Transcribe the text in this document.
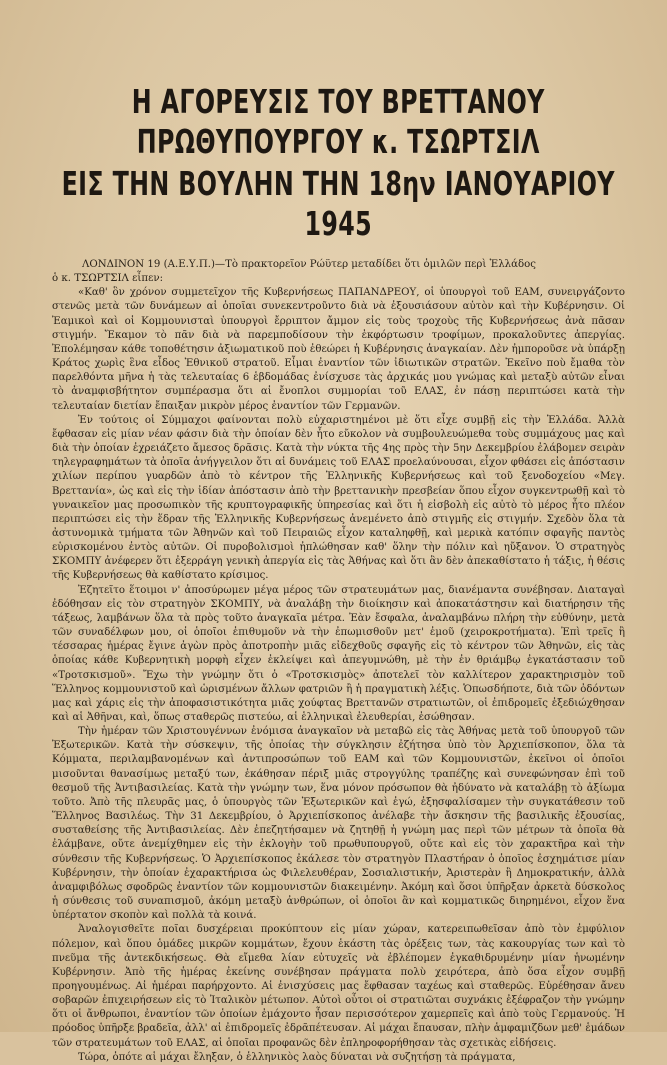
Η ΑΓΟΡΕΥΣΙΣ ΤΟΥ ΒΡΕΤΤΑΝΟΥ ΠΡΩΘΥΠΟΥΡΓΟΥ κ. ΤΣΩΡΤΣΙΛ
ΕΙΣ ΤΗΝ ΒΟΥΛΗΝ ΤΗΝ 18ην ΙΑΝΟΥΑΡΙΟΥ 1945

ΛΟΝΔΙΝΟΝ 19 (Α.Ε.Υ.Π.)—Τὸ πρακτορεῖον Ρώϋτερ μεταδίδει ὅτι ὁμιλῶν περὶ Ἑλλάδος

ὁ κ. ΤΣΩΡΤΣΙΛ εἶπεν:

«Καθ' ὃν χρόνον συμμετεῖχον τῆς Κυβερνήσεως ΠΑΠΑΝΔΡΕΟΥ, οἱ ὑπουργοὶ τοῦ ΕΑΜ, συνειργάζοντο στενῶς μετὰ τῶν δυνάμεων αἱ ὁποῖαι συνεκεντροῦντο διὰ νὰ ἐξουσιάσουν αὐτὸν καὶ τὴν Κυβέρνησιν. Οἱ Ἐαμικοὶ καὶ οἱ Κομμουνισταὶ ὑπουργοὶ ἔρριπτον ἄμμον εἰς τοὺς τροχοὺς τῆς Κυβερνήσεως ἀνὰ πᾶσαν στιγμήν. Ἔκαμον τὸ πᾶν διὰ νὰ παρεμποδίσουν τὴν ἐκφόρτωσιν τροφίμων, προκαλοῦντες ἀπεργίας. Ἐπολέμησαν κάθε τοποθέτησιν ἀξιωματικοῦ ποὺ ἐθεώρει ἡ Κυβέρνησις ἀναγκαίαν. Δὲν ἠμποροῦσε νὰ ὑπάρξῃ Κράτος χωρὶς ἓνα εἶδος Ἐθνικοῦ στρατοῦ. Εἶμαι ἐναντίον τῶν ἰδιωτικῶν στρατῶν. Ἐκεῖνο ποὺ ἔμαθα τὸν παρελθόντα μῆνα ἡ τὰς τελευταίας 6 ἑβδομάδας ἐνίσχυσε τὰς ἀρχικάς μου γνώμας καὶ μεταξὺ αὐτῶν εἶναι τὸ ἀναμφισβήτητον συμπέρασμα ὅτι αἱ ἔνοπλοι συμμορίαι τοῦ ΕΛΑΣ, ἐν πάσῃ περιπτώσει κατὰ τὴν τελευταίαν διετίαν ἔπαιξαν μικρὸν μέρος ἐναντίον τῶν Γερμανῶν.

Ἐν τούτοις οἱ Σύμμαχοι φαίνονται πολὺ εὐχαριστημένοι μὲ ὅτι εἶχε συμβῇ εἰς τὴν Ἑλλάδα. Ἀλλὰ ἔφθασαν εἰς μίαν νέαν φάσιν διὰ τὴν ὁποίαν δὲν ἦτο εὔκολον νὰ συμβουλευώμεθα τοὺς συμμάχους μας καὶ διὰ τὴν ὁποίαν ἐχρειάζετο ἄμεσος δρᾶσις. Κατὰ τὴν νύκτα τῆς 4ης πρὸς τὴν 5ην Δεκεμβρίου ἐλάβομεν σειρὰν τηλεγραφημάτων τὰ ὁποῖα ἀνήγγειλον ὅτι αἱ δυνάμεις τοῦ ΕΛΑΣ προελαύνουσαι, εἶχον φθάσει εἰς ἀπόστασιν χιλίων περίπου γυαρδῶν ἀπὸ τὸ κέντρον τῆς Ἑλληνικῆς Κυβερνήσεως καὶ τοῦ ξενοδοχείου «Μεγ. Βρεττανία», ὡς καὶ εἰς τὴν ἰδίαν ἀπόστασιν ἀπὸ τὴν βρεττανικὴν πρεσβείαν ὅπου εἶχον συγκεντρωθῇ καὶ τὸ γυναικεῖον μας προσωπικὸν τῆς κρυπτογραφικῆς ὑπηρεσίας καὶ ὅτι ἡ εἰσβολὴ εἰς αὐτὸ τὸ μέρος ἦτο πλέον περιπτώσει εἰς τὴν ἕδραν τῆς Ἑλληνικῆς Κυβερνήσεως ἀνεμένετο ἀπὸ στιγμῆς εἰς στιγμήν. Σχεδὸν ὅλα τὰ ἀστυνομικὰ τμήματα τῶν Ἀθηνῶν καὶ τοῦ Πειραιῶς εἶχον καταληφθῇ, καὶ μερικὰ κατόπιν σφαγῆς παντὸς εὑρισκομένου ἐντὸς αὐτῶν. Οἱ πυροβολισμοὶ ἠπλώθησαν καθ' ὅλην τὴν πόλιν καὶ ηὔξανον. Ὁ στρατηγὸς ΣΚΟΜΠΥ ἀνέφερεν ὅτι ἐξερράγη γενικὴ ἀπεργία εἰς τὰς Ἀθήνας καὶ ὅτι ἂν δὲν ἀπεκαθίστατο ἡ τάξις, ἡ θέσις τῆς Κυβερνήσεως θὰ καθίστατο κρίσιμος.

Ἐζητεῖτο ἕτοιμοι ν' ἀποσύρωμεν μέγα μέρος τῶν στρατευμάτων μας, διανέμαντα συνέβησαν. Διαταγαὶ ἐδόθησαν εἰς τὸν στρατηγὸν ΣΚΟΜΠΥ, νὰ ἀναλάβῃ τὴν διοίκησιν καὶ ἀποκατάστησιν καὶ διατήρησιν τῆς τάξεως, λαμβάνων ὅλα τὰ πρὸς τοῦτο ἀναγκαῖα μέτρα. Ἐὰν ἔσφαλα, ἀναλαμβάνω πλήρη τὴν εὐθύνην, μετὰ τῶν συναδέλφων μου, οἱ ὁποῖοι ἐπιθυμοῦν νὰ τὴν ἐπωμισθοῦν μετ' ἐμοῦ (χειροκροτήματα). Ἐπὶ τρεῖς ἢ τέσσαρας ἡμέρας ἔγινε ἀγὼν πρὸς ἀποτροπὴν μιᾶς εἰδεχθοῦς σφαγῆς εἰς τὸ κέντρον τῶν Ἀθηνῶν, εἰς τὰς ὁποίας κάθε Κυβερνητικὴ μορφὴ εἶχεν ἐκλείψει καὶ ἀπεγυμνώθη, μὲ τὴν ἐν θριάμβῳ ἐγκατάστασιν τοῦ «Τροτσκισμοῦ». Ἔχω τὴν γνώμην ὅτι ὁ «Τροτσκισμὸς» ἀποτελεῖ τὸν καλλίτερον χαρακτηρισμὸν τοῦ Ἕλληνος κομμουνιστοῦ καὶ ὡρισμένων ἄλλων φατριῶν ἢ ἡ πραγματικὴ λέξις. Ὁπωσδήποτε, διὰ τῶν ὀδόντων μας καὶ χάρις εἰς τὴν ἀποφασιστικότητα μιᾶς χούφτας Βρεττανῶν στρατιωτῶν, οἱ ἐπιδρομεῖς ἐξεδιώχθησαν καὶ αἱ Ἀθῆναι, καὶ, ὅπως σταθερῶς πιστεύω, αἱ ἑλληνικαὶ ἐλευθερίαι, ἐσώθησαν.

Τὴν ἡμέραν τῶν Χριστουγέννων ἐνόμισα ἀναγκαῖον νὰ μεταβῶ εἰς τὰς Ἀθήνας μετὰ τοῦ ὑπουργοῦ τῶν Ἐξωτερικῶν. Κατὰ τὴν σύσκεψιν, τῆς ὁποίας τὴν σύγκλησιν ἐζήτησα ὑπὸ τὸν Ἀρχιεπίσκοπον, ὅλα τὰ Κόμματα, περιλαμβανομένων καὶ ἀντιπροσώπων τοῦ ΕΑΜ καὶ τῶν Κομμουνιστῶν, ἐκεῖνοι οἱ ὁποῖοι μισοῦνται θανασίμως μεταξύ των, ἐκάθησαν πέριξ μιᾶς στρογγύλης τραπέζης καὶ συνεφώνησαν ἐπὶ τοῦ θεσμοῦ τῆς Ἀντιβασιλείας. Κατὰ τὴν γνώμην των, ἕνα μόνον πρόσωπον θὰ ἠδύνατο νὰ καταλάβῃ τὸ ἀξίωμα τοῦτο. Ἀπὸ τῆς πλευρᾶς μας, ὁ ὑπουργὸς τῶν Ἐξωτερικῶν καὶ ἐγώ, ἐξησφαλίσαμεν τὴν συγκατάθεσιν τοῦ Ἕλληνος Βασιλέως. Τὴν 31 Δεκεμβρίου, ὁ Ἀρχιεπίσκοπος ἀνέλαβε τὴν ἄσκησιν τῆς βασιλικῆς ἐξουσίας, συσταθείσης τῆς Ἀντιβασιλείας. Δὲν ἐπεζητήσαμεν νὰ ζητηθῇ ἡ γνώμη μας περὶ τῶν μέτρων τὰ ὁποῖα θὰ ἐλάμβανε, οὔτε ἀνεμίχθημεν εἰς τὴν ἐκλογὴν τοῦ πρωθυπουργοῦ, οὔτε καὶ εἰς τὸν χαρακτῆρα καὶ τὴν σύνθεσιν τῆς Κυβερνήσεως. Ὁ Ἀρχιεπίσκοπος ἐκάλεσε τὸν στρατηγὸν Πλαστήραν ὁ ὁποῖος ἐσχημάτισε μίαν Κυβέρνησιν, τὴν ὁποίαν ἐχαρακτήρισα ὡς Φιλελευθέραν, Σοσιαλιστικήν, Ἀριστερὰν ἢ Δημοκρατικήν, ἀλλὰ ἀναμφιβόλως σφοδρῶς ἐναντίον τῶν κομμουνιστῶν διακειμένην. Ἀκόμη καὶ ὅσοι ὑπῆρξαν ἀρκετὰ δύσκολος ἡ σύνθεσις τοῦ συναπισμοῦ, ἀκόμη μεταξὺ ἀνθρώπων, οἱ ὁποῖοι ἂν καὶ κομματικῶς διηρημένοι, εἶχον ἕνα ὑπέρτατον σκοπὸν καὶ πολλὰ τὰ κοινά.

Ἀναλογισθεῖτε ποῖαι δυσχέρειαι προκύπτουν εἰς μίαν χώραν, κατερειπωθεῖσαν ἀπὸ τὸν ἐμφύλιον πόλεμον, καὶ ὅπου ὁμάδες μικρῶν κομμάτων, ἔχουν ἑκάστη τὰς ὀρέξεις των, τὰς κακουργίας των καὶ τὸ πνεῦμα τῆς ἀντεκδικήσεως. Θὰ εἴμεθα λίαν εὐτυχεῖς νὰ ἐβλέπομεν ἐγκαθιδρυμένην μίαν ἡνωμένην Κυβέρνησιν. Ἀπὸ τῆς ἡμέρας ἐκείνης συνέβησαν πράγματα πολὺ χειρότερα, ἀπὸ ὅσα εἶχον συμβῇ προηγουμένως. Αἱ ἡμέραι παρήρχοντο. Αἱ ἐνισχύσεις μας ἔφθασαν ταχέως καὶ σταθερῶς. Εὑρέθησαν ἄνευ σοβαρῶν ἐπιχειρήσεων εἰς τὸ Ἰταλικὸν μέτωπον. Αὐτοὶ οὗτοι οἱ στρατιῶται συχνάκις ἐξέφραζον τὴν γνώμην ὅτι οἱ ἄνθρωποι, ἐναντίον τῶν ὁποίων ἐμάχοντο ἦσαν περισσότερον χαμερπεῖς καὶ ἀπὸ τοὺς Γερμανούς. Ἡ πρόοδος ὑπῆρξε βραδεῖα, ἀλλ' αἱ ἐπιδρομεῖς ἐδρᾶπέτευσαν. Αἱ μάχαι ἔπαυσαν, πλὴν ἁμφαμιζδων μεθ' ἑμάδων τῶν στρατευμάτων τοῦ ΕΛΑΣ, αἱ ὁποῖαι προφανῶς δὲν ἐπληροφορήθησαν τὰς σχετικὰς εἰδήσεις.

Τώρα, ὁπότε αἱ μάχαι ἔληξαν, ὁ ἑλληνικὸς λαὸς δύναται νὰ συζητήσῃ τὰ πράγματα,
